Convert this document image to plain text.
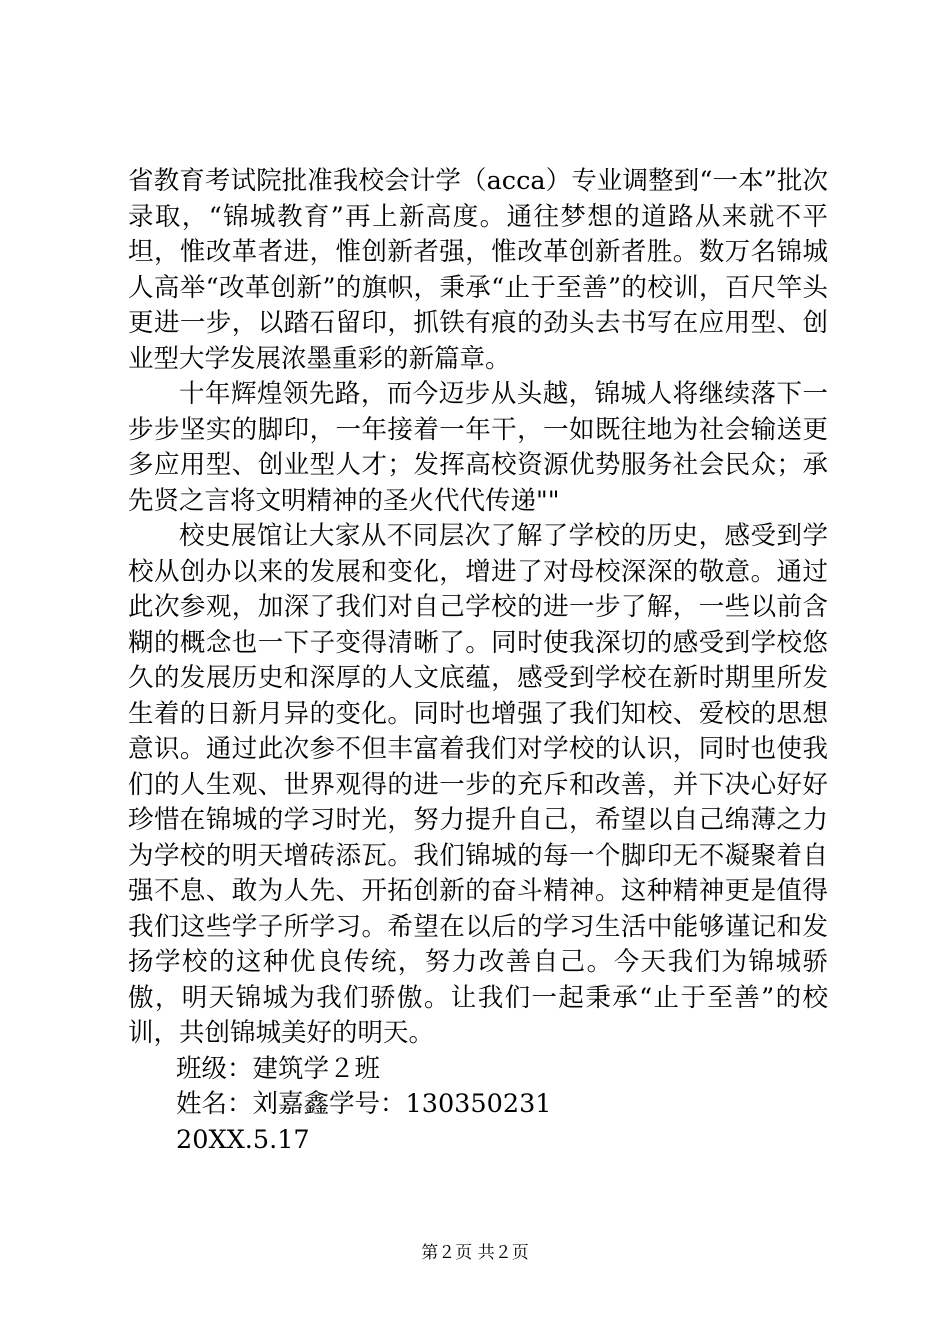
省教育考试院批准我校会计学（acca）专业调整到“一本”批次录取，“锦城教育”再上新高度。通往梦想的道路从来就不平坦，惟改革者进，惟创新者强，惟改革创新者胜。数万名锦城人高举“改革创新”的旗帜，秉承“止于至善”的校训，百尺竿头更进一步，以踏石留印，抓铁有痕的劲头去书写在应用型、创业型大学发展浓墨重彩的新篇章。

十年辉煌领先路，而今迈步从头越，锦城人将继续落下一步步坚实的脚印，一年接着一年干，一如既往地为社会输送更多应用型、创业型人才；发挥高校资源优势服务社会民众；承先贤之言将文明精神的圣火代代传递""

校史展馆让大家从不同层次了解了学校的历史，感受到学校从创办以来的发展和变化，增进了对母校深深的敬意。通过此次参观，加深了我们对自己学校的进一步了解，一些以前含糊的概念也一下子变得清晰了。同时使我深切的感受到学校悠久的发展历史和深厚的人文底蕴，感受到学校在新时期里所发生着的日新月异的变化。同时也增强了我们知校、爱校的思想意识。通过此次参不但丰富着我们对学校的认识，同时也使我们的人生观、世界观得的进一步的充斥和改善，并下决心好好珍惜在锦城的学习时光，努力提升自己，希望以自己绵薄之力为学校的明天增砖添瓦。我们锦城的每一个脚印无不凝聚着自强不息、敢为人先、开拓创新的奋斗精神。这种精神更是值得我们这些学子所学习。希望在以后的学习生活中能够谨记和发扬学校的这种优良传统，努力改善自己。今天我们为锦城骄傲，明天锦城为我们骄傲。让我们一起秉承“止于至善”的校训，共创锦城美好的明天。

班级：建筑学２班

姓名：刘嘉鑫学号：130350231

20XX.5.17

第２页 共２页
